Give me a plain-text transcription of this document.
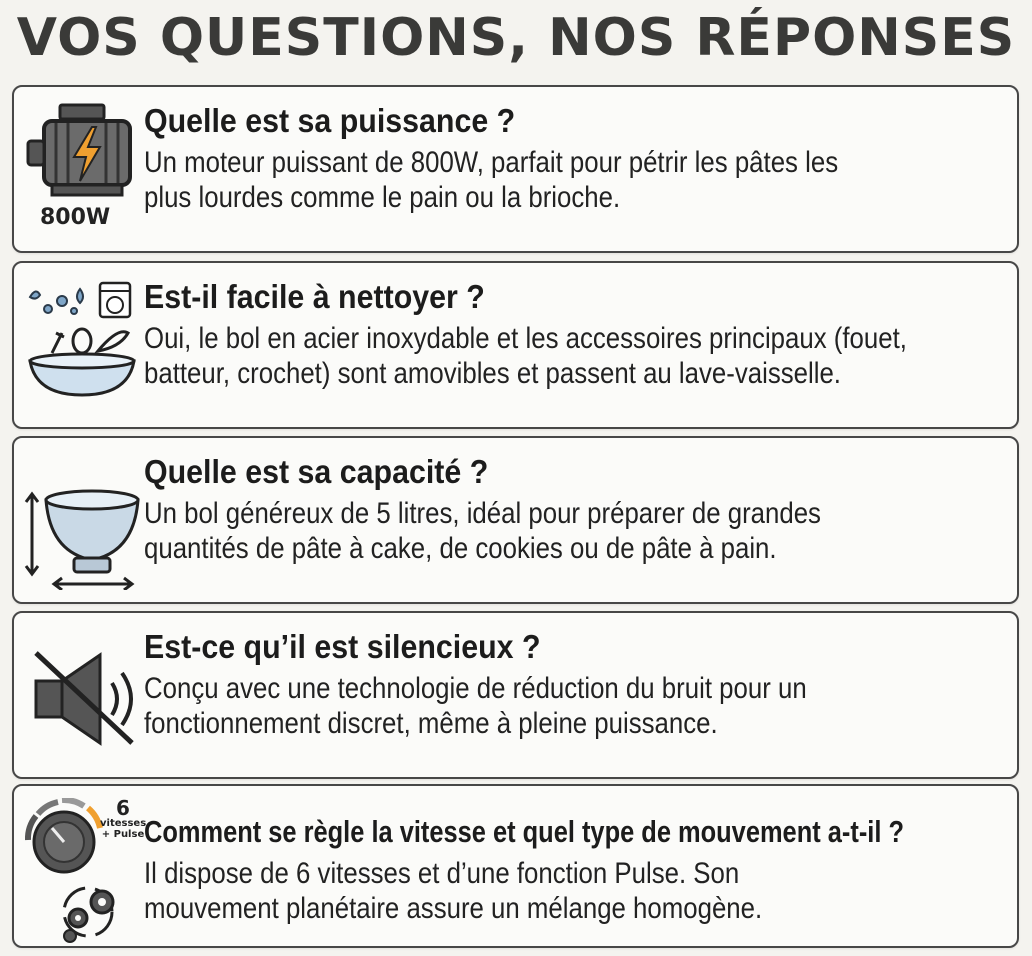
VOS QUESTIONS, NOS RÉPONSES
800W
Quelle est sa puissance ?
Un moteur puissant de 800W, parfait pour pétrir les pâtes les
plus lourdes comme le pain ou la brioche.
Est-il facile à nettoyer ?
Oui, le bol en acier inoxydable et les accessoires principaux (fouet,
batteur, crochet) sont amovibles et passent au lave-vaisselle.
Quelle est sa capacité ?
Un bol généreux de 5 litres, idéal pour préparer de grandes
quantités de pâte à cake, de cookies ou de pâte à pain.
Est-ce qu’il est silencieux ?
Conçu avec une technologie de réduction du bruit pour un
fonctionnement discret, même à pleine puissance.
6
vitesses
+ Pulse Comment se règle la vitesse et quel type de mouvement a-t-il ?
Il dispose de 6 vitesses et d’une fonction Pulse. Son
mouvement planétaire assure un mélange homogène.
